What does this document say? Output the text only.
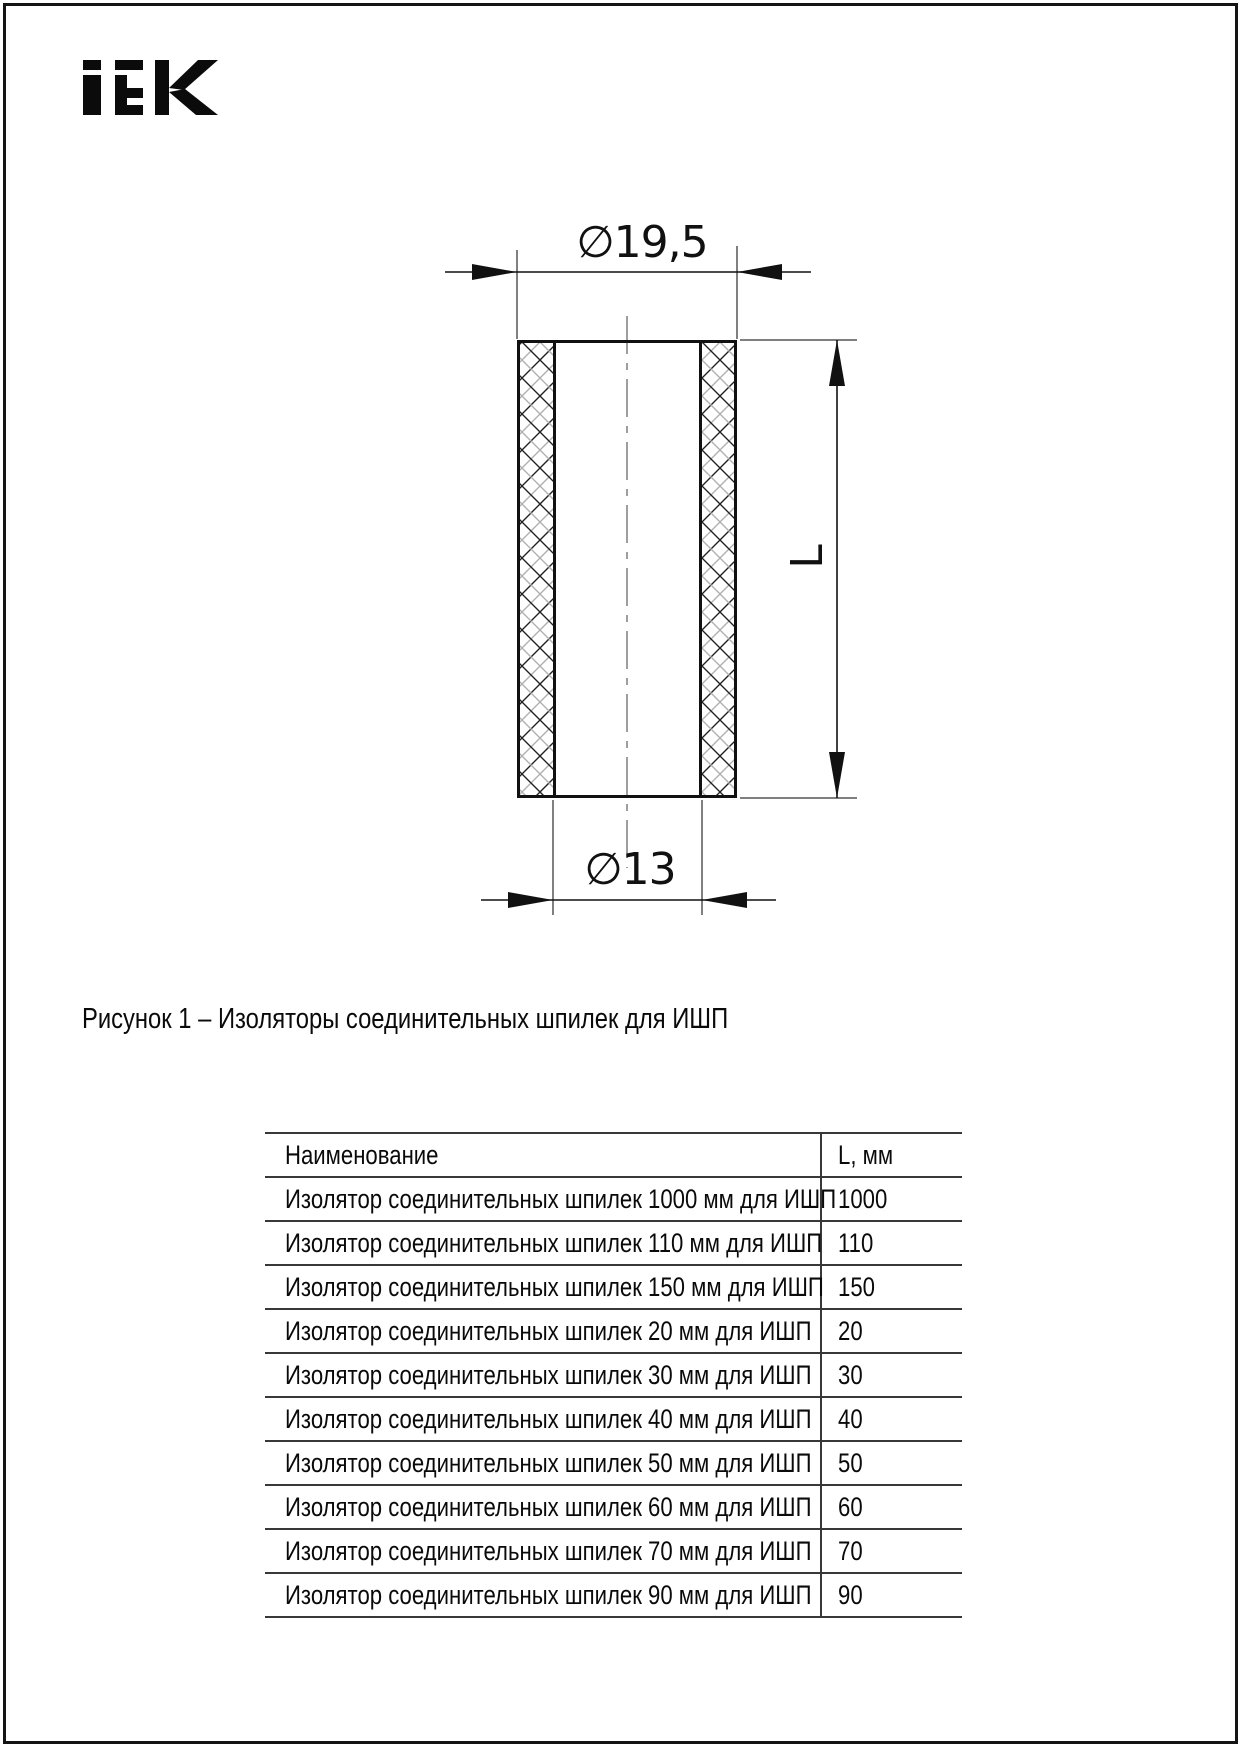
∅19,5
L
∅13
Рисунок 1 – Изоляторы соединительных шпилек для ИШП
Наименование	L, мм
Изолятор соединительных шпилек 1000 мм для ИШП	1000
Изолятор соединительных шпилек 110 мм для ИШП	110
Изолятор соединительных шпилек 150 мм для ИШП	150
Изолятор соединительных шпилек 20 мм для ИШП	20
Изолятор соединительных шпилек 30 мм для ИШП	30
Изолятор соединительных шпилек 40 мм для ИШП	40
Изолятор соединительных шпилек 50 мм для ИШП	50
Изолятор соединительных шпилек 60 мм для ИШП	60
Изолятор соединительных шпилек 70 мм для ИШП	70
Изолятор соединительных шпилек 90 мм для ИШП	90
